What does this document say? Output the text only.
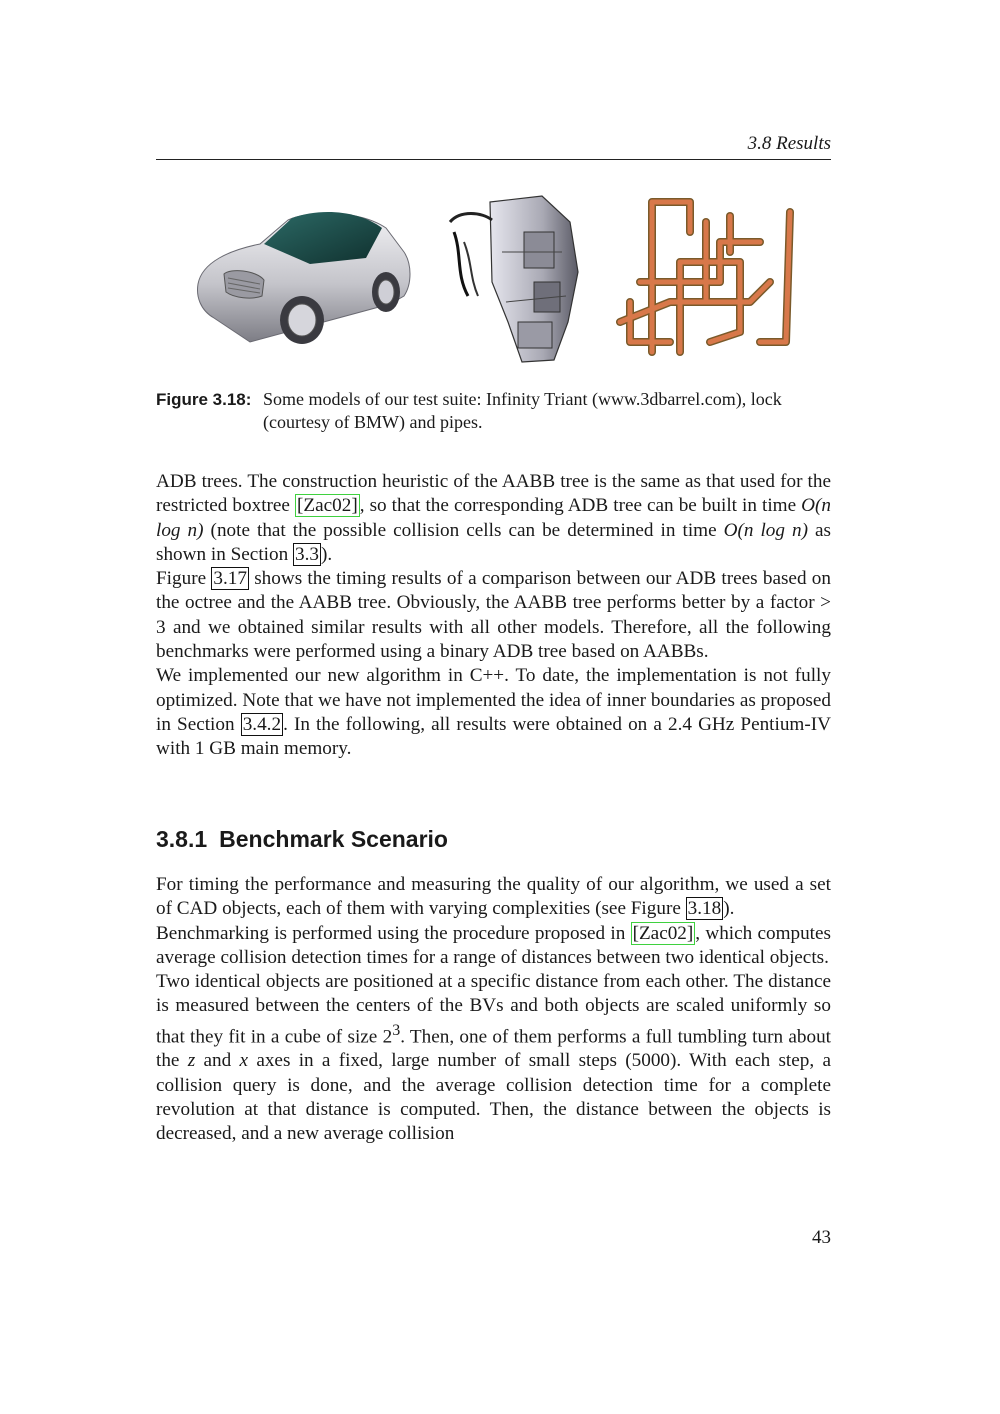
3.8 Results
Figure 3.18: Some models of our test suite: Infinity Triant (www.3dbarrel.com), lock (courtesy of BMW) and pipes.

ADB trees. The construction heuristic of the AABB tree is the same as that used for the restricted boxtree [Zac02] , so that the corresponding ADB tree can be built in time O(n log n) (note that the possible collision cells can be determined in time O(n log n) as shown in Section 3.3 ).

Figure 3.17 shows the timing results of a comparison between our ADB trees based on the octree and the AABB tree. Obviously, the AABB tree performs better by a factor > 3 and we obtained similar results with all other models. Therefore, all the following benchmarks were performed using a binary ADB tree based on AABBs.

We implemented our new algorithm in C++. To date, the implementation is not fully optimized. Note that we have not implemented the idea of inner boundaries as proposed in Section 3.4.2 . In the following, all results were obtained on a 2.4 GHz Pentium-IV with 1 GB main memory.

3.8.1 Benchmark Scenario

For timing the performance and measuring the quality of our algorithm, we used a set of CAD objects, each of them with varying complexities (see Figure 3.18 ).

Benchmarking is performed using the procedure proposed in [Zac02] , which computes average collision detection times for a range of distances between two identical objects.

Two identical objects are positioned at a specific distance from each other. The distance is measured between the centers of the BVs and both objects are scaled uniformly so that they fit in a cube of size $2^3$. Then, one of them performs a full tumbling turn about the z and x axes in a fixed, large number of small steps (5000). With each step, a collision query is done, and the average collision detection time for a complete revolution at that distance is computed. Then, the distance between the objects is decreased, and a new average collision

43
